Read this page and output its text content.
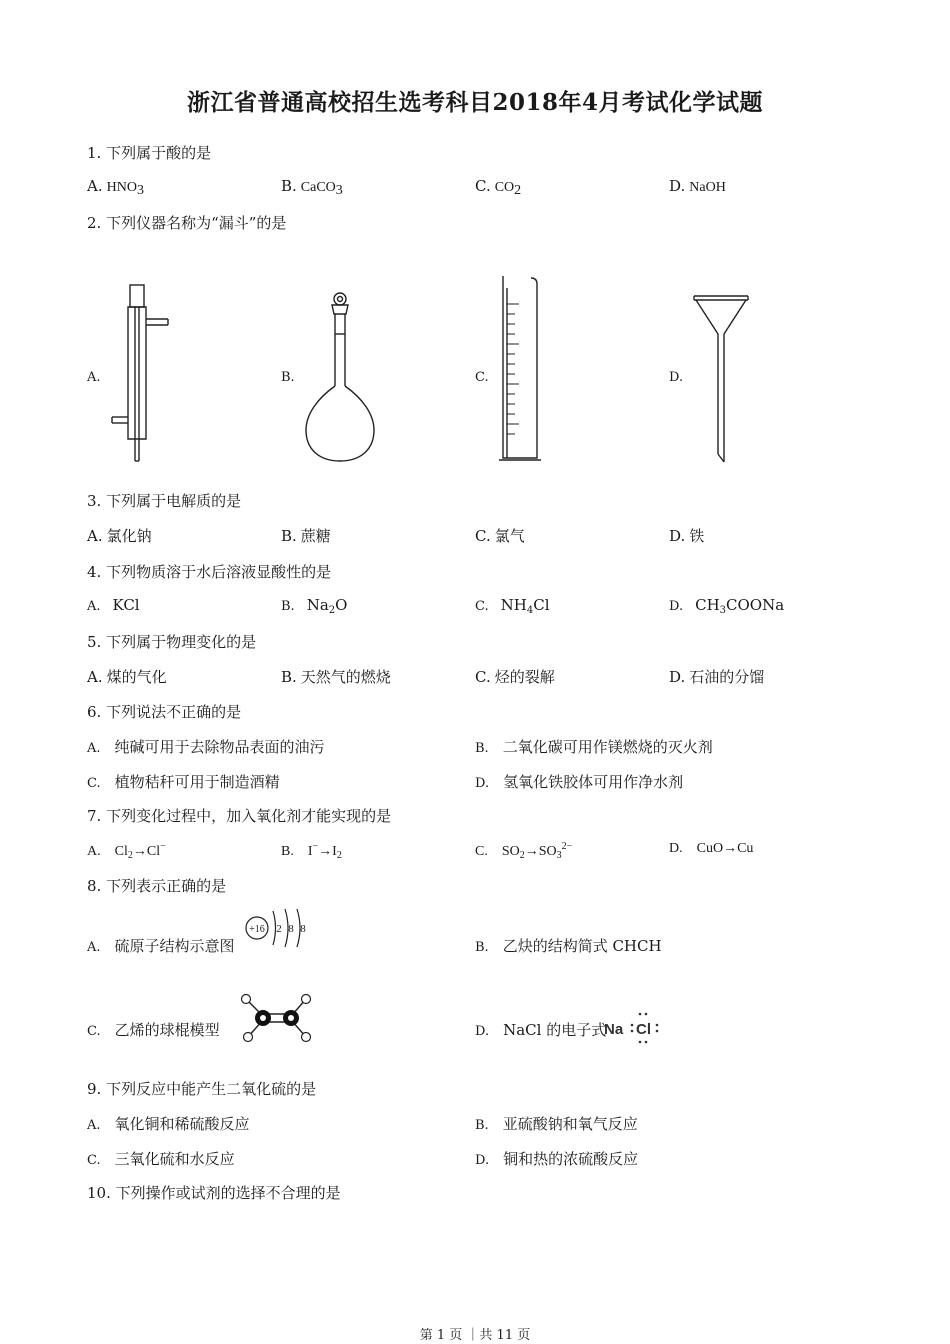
浙江省普通高校招生选考科目2018年4月考试化学试题
1. 下列属于酸的是
A. $HNO_3$	B. CaCO$_3$	C. $CO_2$	D. NaOH
2. 下列仪器名称为“漏斗”的是
A.	B.	C.	D.
3. 下列属于电解质的是
A. 氯化钠	B. 蔗糖	C. 氯气	D. 铁
4. 下列物质溶于水后溶液显酸性的是
A. KCl	B. $Na_2O$	C. $NH_4Cl$	D. $CH_3COONa$
5. 下列属于物理变化的是
A. 煤的气化	B. 天然气的燃烧	C. 烃的裂解	D. 石油的分馏
6. 下列说法不正确的是
A. 纯碱可用于去除物品表面的油污	B. 二氧化碳可用作镁燃烧的灭火剂
C. 植物秸秆可用于制造酒精	D. 氢氧化铁胶体可用作净水剂
7. 下列变化过程中，加入氧化剂才能实现的是
A. $Cl_2\to Cl^-$	B. $I^-\to I_2$	C. $SO_2\to SO_3^{2-}$	D. CuO→Cu
8. 下列表示正确的是
A. 硫原子结构示意图
+16 2 8 8
B. 乙炔的结构简式 CHCH
C. 乙烯的球棍模型	D. NaCl 的电子式
Na Cl
9. 下列反应中能产生二氧化硫的是
A. 氧化铜和稀硫酸反应	B. 亚硫酸钠和氧气反应
C. 三氧化硫和水反应	D. 铜和热的浓硫酸反应
10. 下列操作或试剂的选择不合理的是
第 1 页 ｜共 11 页
